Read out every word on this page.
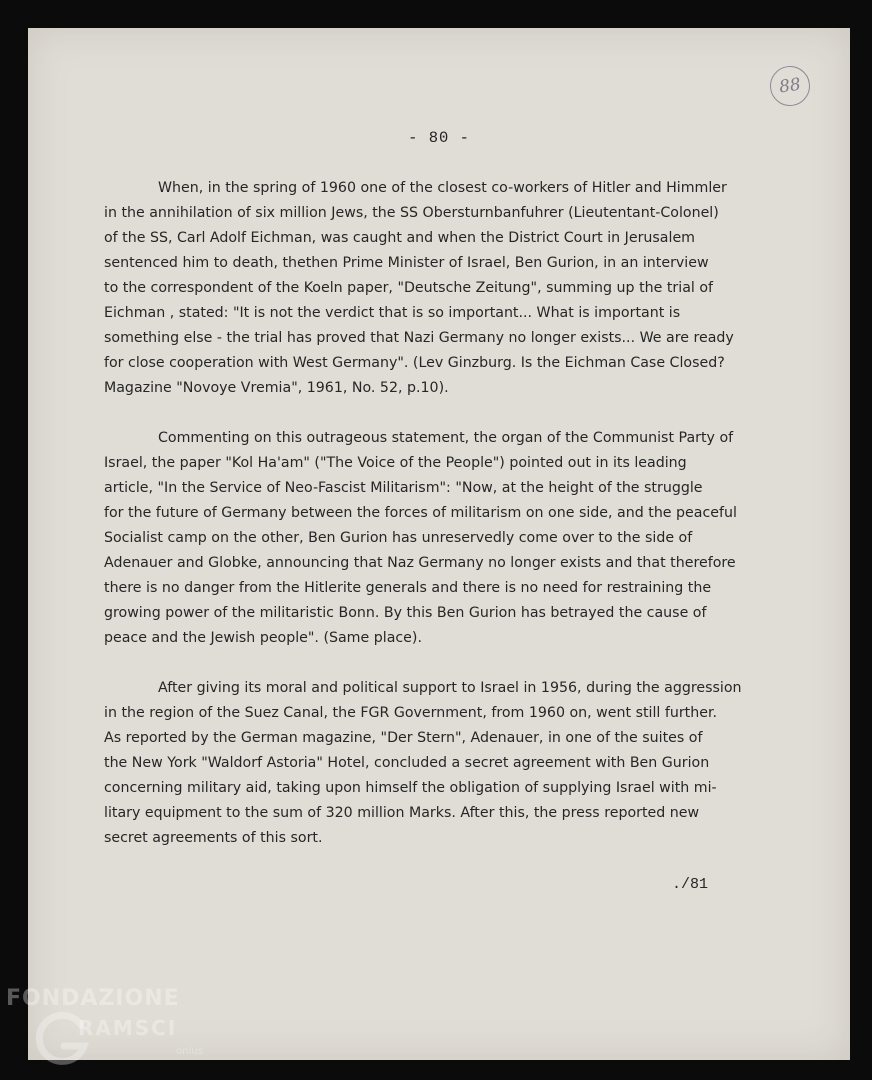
88
- 80 -
When, in the spring of 1960 one of the closest co-workers of Hitler and Himmler
in the annihilation of six million Jews, the SS Obersturnbanfuhrer (Lieutentant-Colonel)
of the SS, Carl Adolf Eichman, was caught and when the District Court in Jerusalem
sentenced him to death, thethen Prime Minister of Israel, Ben Gurion, in an interview
to the correspondent of the Koeln paper, "Deutsche Zeitung", summing up the trial of
Eichman , stated: "It is not the verdict that is so important... What is important is
something else - the trial has proved that Nazi Germany no longer exists... We are ready
for close cooperation with West Germany". (Lev Ginzburg. Is the Eichman Case Closed?
Magazine "Novoye Vremia", 1961, No. 52, p.10).
Commenting on this outrageous statement, the organ of the Communist Party of
Israel, the paper "Kol Ha'am" ("The Voice of the People") pointed out in its leading
article, "In the Service of Neo-Fascist Militarism": "Now, at the height of the struggle
for the future of Germany between the forces of militarism on one side, and the peaceful
Socialist camp on the other, Ben Gurion has unreservedly come over to the side of
Adenauer and Globke, announcing that Naz Germany no longer exists and that therefore
there is no danger from the Hitlerite generals and there is no need for restraining the
growing power of the militaristic Bonn. By this Ben Gurion has betrayed the cause of
peace and the Jewish people". (Same place).
After giving its moral and political support to Israel in 1956, during the aggression
in the region of the Suez Canal, the FGR Government, from 1960 on, went still further.
As reported by the German magazine, "Der Stern", Adenauer, in one of the suites of
the New York "Waldorf Astoria" Hotel, concluded a secret agreement with Ben Gurion
concerning military aid, taking upon himself the obligation of supplying Israel with mi-
litary equipment to the sum of 320 million Marks. After this, the press reported new
secret agreements of this sort.
./81
FONDAZIONE
RAMSCI
onlus
